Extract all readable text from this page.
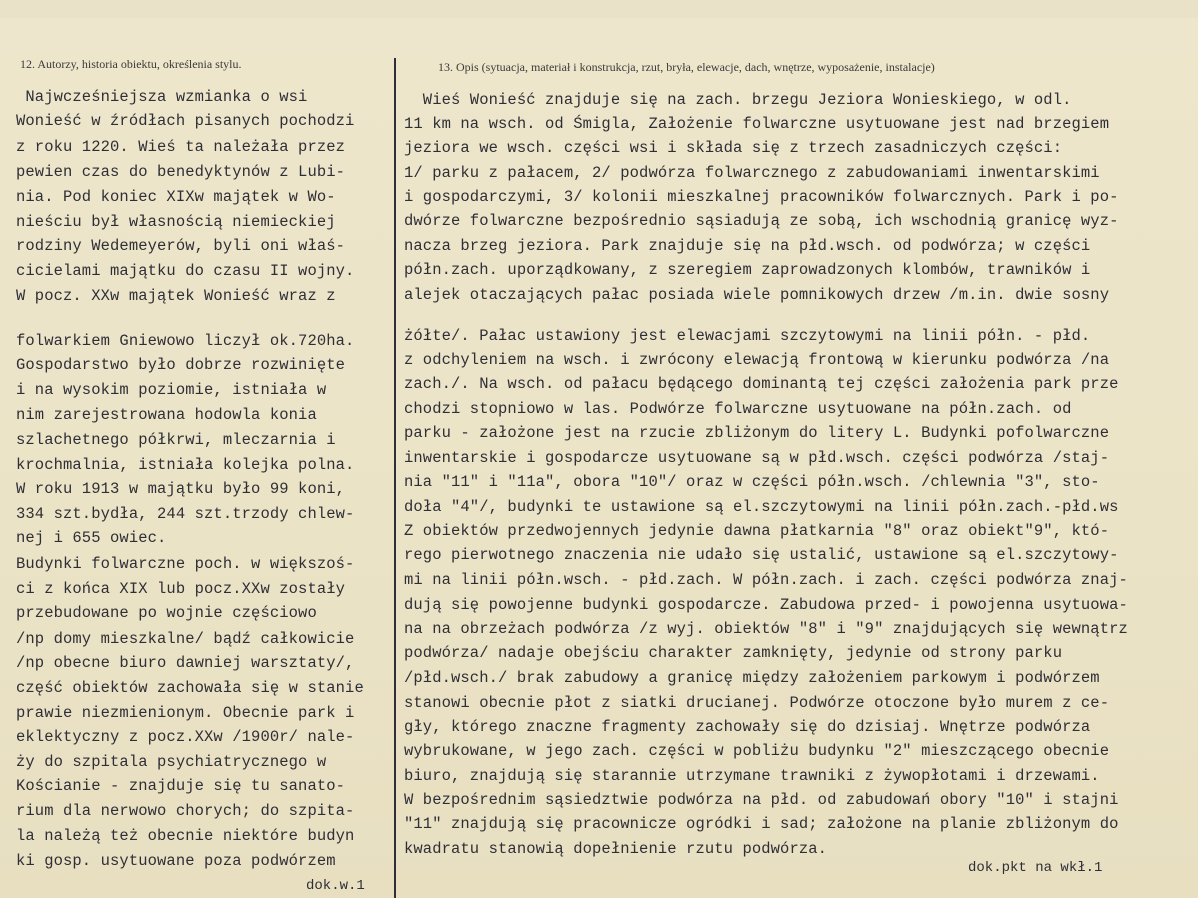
12. Autorzy, historia obiektu, określenia stylu.	13. Opis (sytuacja, materiał i konstrukcja, rzut, bryła, elewacje, dach, wnętrze, wyposażenie, instalacje)
Najwcześniejsza wzmianka o wsi
Wonieść w źródłach pisanych pochodzi
z roku 1220. Wieś ta należała przez
pewien czas do benedyktynów z Lubi-
nia. Pod koniec XIXw majątek w Wo-
nieściu był własnością niemieckiej
rodziny Wedemeyerów, byli oni właś-
cicielami majątku do czasu II wojny.
W pocz. XXw majątek Wonieść wraz z
folwarkiem Gniewowo liczył ok.720ha.
Gospodarstwo było dobrze rozwinięte
i na wysokim poziomie, istniała w
nim zarejestrowana hodowla konia
szlachetnego półkrwi, mleczarnia i
krochmalnia, istniała kolejka polna.
W roku 1913 w majątku było 99 koni,
334 szt.bydła, 244 szt.trzody chlew-
nej i 655 owiec.
Budynki folwarczne poch. w większoś-
ci z końca XIX lub pocz.XXw zostały
przebudowane po wojnie częściowo
/np domy mieszkalne/ bądź całkowicie
/np obecne biuro dawniej warsztaty/,
część obiektów zachowała się w stanie
prawie niezmienionym. Obecnie park i
eklektyczny z pocz.XXw /1900r/ nale-
ży do szpitala psychiatrycznego w
Kościanie - znajduje się tu sanato-
rium dla nerwowo chorych; do szpita-
la należą też obecnie niektóre budyn
ki gosp. usytuowane poza podwórzem
Wieś Wonieść znajduje się na zach. brzegu Jeziora Wonieskiego, w odl.
11 km na wsch. od Śmigla, Założenie folwarczne usytuowane jest nad brzegiem
jeziora we wsch. części wsi i składa się z trzech zasadniczych części:
1/ parku z pałacem, 2/ podwórza folwarcznego z zabudowaniami inwentarskimi
i gospodarczymi, 3/ kolonii mieszkalnej pracowników folwarcznych. Park i po-
dwórze folwarczne bezpośrednio sąsiadują ze sobą, ich wschodnią granicę wyz-
nacza brzeg jeziora. Park znajduje się na płd.wsch. od podwórza; w części
półn.zach. uporządkowany, z szeregiem zaprowadzonych klombów, trawników i
alejek otaczających pałac posiada wiele pomnikowych drzew /m.in. dwie sosny
żółte/. Pałac ustawiony jest elewacjami szczytowymi na linii półn. - płd.
z odchyleniem na wsch. i zwrócony elewacją frontową w kierunku podwórza /na
zach./. Na wsch. od pałacu będącego dominantą tej części założenia park prze
chodzi stopniowo w las. Podwórze folwarczne usytuowane na półn.zach. od
parku - założone jest na rzucie zbliżonym do litery L. Budynki pofolwarczne
inwentarskie i gospodarcze usytuowane są w płd.wsch. części podwórza /staj-
nia "11" i "11a", obora "10"/ oraz w części półn.wsch. /chlewnia "3", sto-
doła "4"/, budynki te ustawione są el.szczytowymi na linii półn.zach.-płd.ws
Z obiektów przedwojennych jedynie dawna płatkarnia "8" oraz obiekt"9", któ-
rego pierwotnego znaczenia nie udało się ustalić, ustawione są el.szczytowy-
mi na linii półn.wsch. - płd.zach. W półn.zach. i zach. części podwórza znaj-
dują się powojenne budynki gospodarcze. Zabudowa przed- i powojenna usytuowa-
na na obrzeżach podwórza /z wyj. obiektów "8" i "9" znajdujących się wewnątrz
podwórza/ nadaje obejściu charakter zamknięty, jedynie od strony parku
/płd.wsch./ brak zabudowy a granicę między założeniem parkowym i podwórzem
stanowi obecnie płot z siatki drucianej. Podwórze otoczone było murem z ce-
gły, którego znaczne fragmenty zachowały się do dzisiaj. Wnętrze podwórza
wybrukowane, w jego zach. części w pobliżu budynku "2" mieszczącego obecnie
biuro, znajdują się starannie utrzymane trawniki z żywopłotami i drzewami.
W bezpośrednim sąsiedztwie podwórza na płd. od zabudowań obory "10" i stajni
"11" znajdują się pracownicze ogródki i sad; założone na planie zbliżonym do
kwadratu stanowią dopełnienie rzutu podwórza.
dok.w.1
dok.pkt na wkł.1
